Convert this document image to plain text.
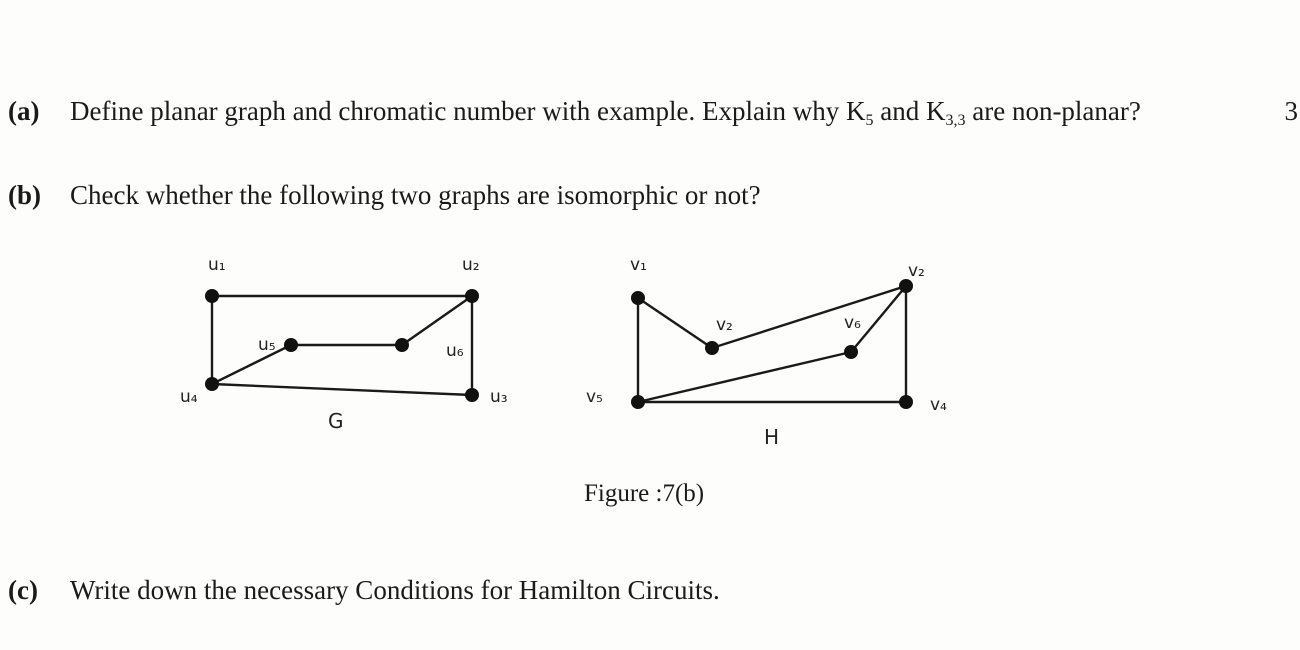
(a) Define planar graph and chromatic number with example. Explain why $K_5$ and $K_{3,3}$ are non-planar?	3
(b) Check whether the following two graphs are isomorphic or not?
u₁	u₂
u₃
u₄
u₅	u₆
v₁
v₂
v₂
v₆
v₅	v₄
G
H
Figure :7(b)
(c) Write down the necessary Conditions for Hamilton Circuits.
